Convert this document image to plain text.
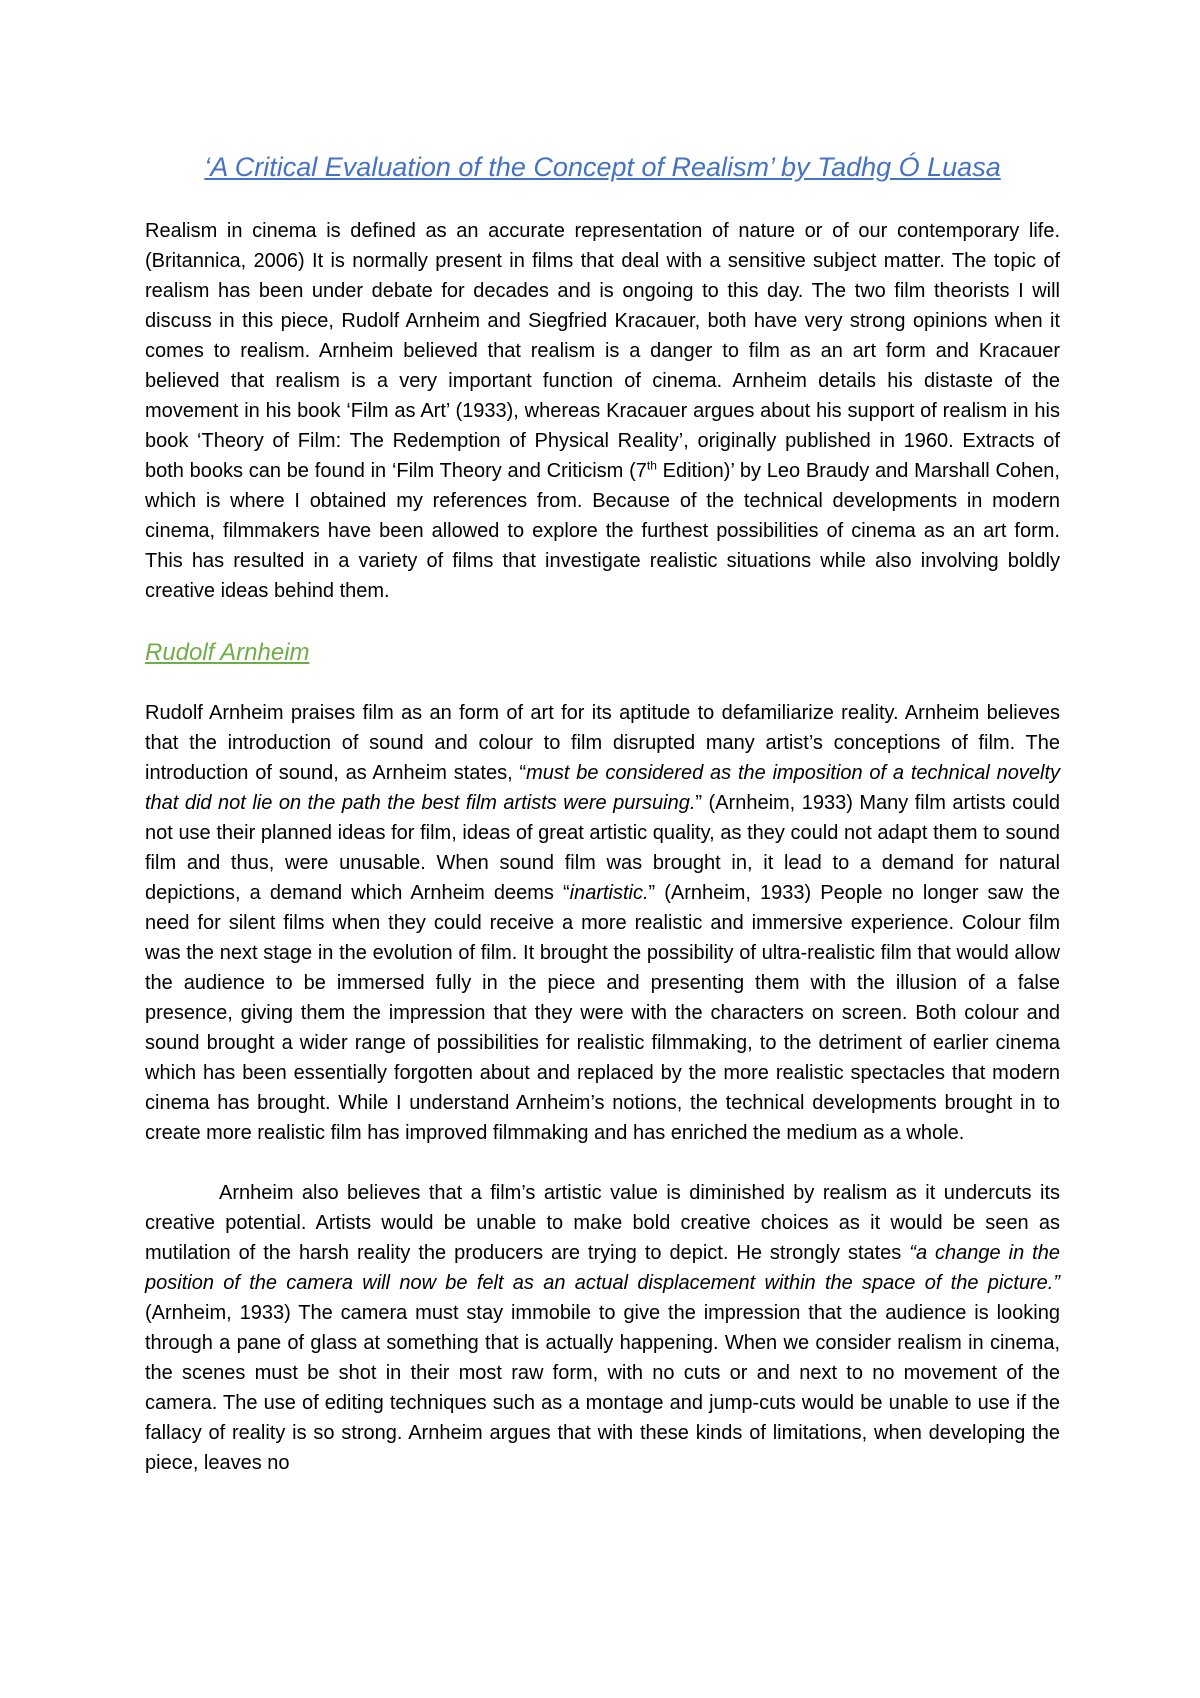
‘A Critical Evaluation of the Concept of Realism’ by Tadhg Ó Luasa

Realism in cinema is defined as an accurate representation of nature or of our contemporary life. (Britannica, 2006) It is normally present in films that deal with a sensitive subject matter. The topic of realism has been under debate for decades and is ongoing to this day. The two film theorists I will discuss in this piece, Rudolf Arnheim and Siegfried Kracauer, both have very strong opinions when it comes to realism. Arnheim believed that realism is a danger to film as an art form and Kracauer believed that realism is a very important function of cinema. Arnheim details his distaste of the movement in his book ‘Film as Art’ (1933), whereas Kracauer argues about his support of realism in his book ‘Theory of Film: The Redemption of Physical Reality’, originally published in 1960. Extracts of both books can be found in ‘Film Theory and Criticism (7th Edition)’ by Leo Braudy and Marshall Cohen, which is where I obtained my references from. Because of the technical developments in modern cinema, filmmakers have been allowed to explore the furthest possibilities of cinema as an art form. This has resulted in a variety of films that investigate realistic situations while also involving boldly creative ideas behind them.

Rudolf Arnheim

Rudolf Arnheim praises film as an form of art for its aptitude to defamiliarize reality. Arnheim believes that the introduction of sound and colour to film disrupted many artist’s conceptions of film. The introduction of sound, as Arnheim states, “must be considered as the imposition of a technical novelty that did not lie on the path the best film artists were pursuing.” (Arnheim, 1933) Many film artists could not use their planned ideas for film, ideas of great artistic quality, as they could not adapt them to sound film and thus, were unusable. When sound film was brought in, it lead to a demand for natural depictions, a demand which Arnheim deems “inartistic.” (Arnheim, 1933) People no longer saw the need for silent films when they could receive a more realistic and immersive experience. Colour film was the next stage in the evolution of film. It brought the possibility of ultra-realistic film that would allow the audience to be immersed fully in the piece and presenting them with the illusion of a false presence, giving them the impression that they were with the characters on screen. Both colour and sound brought a wider range of possibilities for realistic filmmaking, to the detriment of earlier cinema which has been essentially forgotten about and replaced by the more realistic spectacles that modern cinema has brought. While I understand Arnheim’s notions, the technical developments brought in to create more realistic film has improved filmmaking and has enriched the medium as a whole.

Arnheim also believes that a film’s artistic value is diminished by realism as it undercuts its creative potential. Artists would be unable to make bold creative choices as it would be seen as mutilation of the harsh reality the producers are trying to depict. He strongly states “a change in the position of the camera will now be felt as an actual displacement within the space of the picture.” (Arnheim, 1933) The camera must stay immobile to give the impression that the audience is looking through a pane of glass at something that is actually happening. When we consider realism in cinema, the scenes must be shot in their most raw form, with no cuts or and next to no movement of the camera. The use of editing techniques such as a montage and jump-cuts would be unable to use if the fallacy of reality is so strong. Arnheim argues that with these kinds of limitations, when developing the piece, leaves no
